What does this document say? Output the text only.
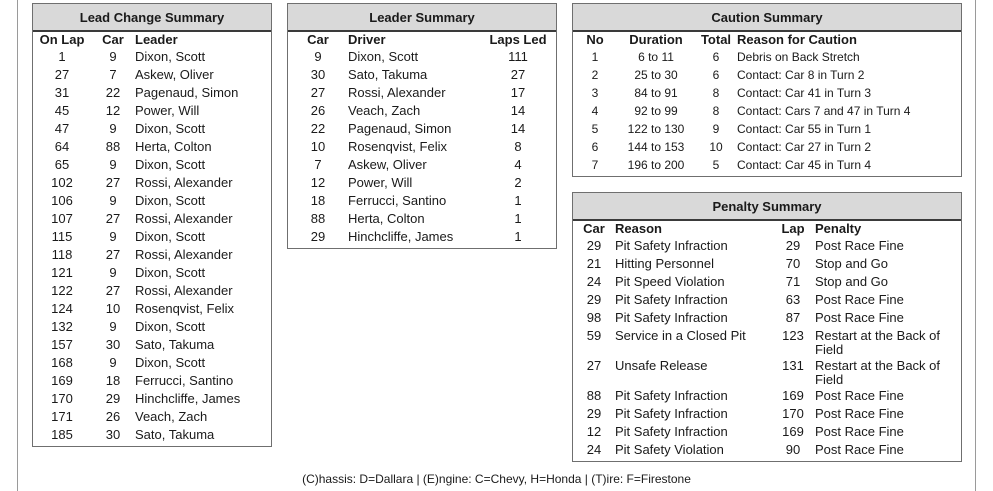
Lead Change Summary
On Lap	Car Leader
1	9	Dixon, Scott
27	7	Askew, Oliver
31	22	Pagenaud, Simon
45	12	Power, Will
47	9	Dixon, Scott
64	88	Herta, Colton
65	9	Dixon, Scott
102	27	Rossi, Alexander
106	9	Dixon, Scott
107	27	Rossi, Alexander
115	9	Dixon, Scott
118	27	Rossi, Alexander
121	9	Dixon, Scott
122	27	Rossi, Alexander
124	10	Rosenqvist, Felix
132	9	Dixon, Scott
157	30	Sato, Takuma
168	9	Dixon, Scott
169	18	Ferrucci, Santino
170	29	Hinchcliffe, James
171	26	Veach, Zach
185	30	Sato, Takuma
Leader Summary
Car	Driver	Laps Led
9	Dixon, Scott	111
30	Sato, Takuma	27
27	Rossi, Alexander	17
26	Veach, Zach	14
22	Pagenaud, Simon	14
10	Rosenqvist, Felix	8
7	Askew, Oliver	4
12	Power, Will	2
18	Ferrucci, Santino	1
88	Herta, Colton	1
29	Hinchcliffe, James	1
Caution Summary
No	Duration	Total Reason for Caution
1	6 to 11	6	Debris on Back Stretch
2	25 to 30	6	Contact: Car 8 in Turn 2
3	84 to 91	8	Contact: Car 41 in Turn 3
4	92 to 99	8	Contact: Cars 7 and 47 in Turn 4
5	122 to 130	9	Contact: Car 55 in Turn 1
6	144 to 153	10	Contact: Car 27 in Turn 2
7	196 to 200	5	Contact: Car 45 in Turn 4
Penalty Summary
Car Reason	Lap Penalty
29	Pit Safety Infraction	29	Post Race Fine
21	Hitting Personnel	70	Stop and Go
24	Pit Speed Violation	71	Stop and Go
29	Pit Safety Infraction	63	Post Race Fine
98	Pit Safety Infraction	87	Post Race Fine
59	Service in a Closed Pit	123 Restart at the Back of Field
27	Unsafe Release	131 Restart at the Back of Field
88	Pit Safety Infraction	169 Post Race Fine
29	Pit Safety Infraction	170 Post Race Fine
12	Pit Safety Infraction	169 Post Race Fine
24	Pit Safety Violation	90	Post Race Fine
(C)hassis: D=Dallara | (E)ngine: C=Chevy, H=Honda | (T)ire: F=Firestone
